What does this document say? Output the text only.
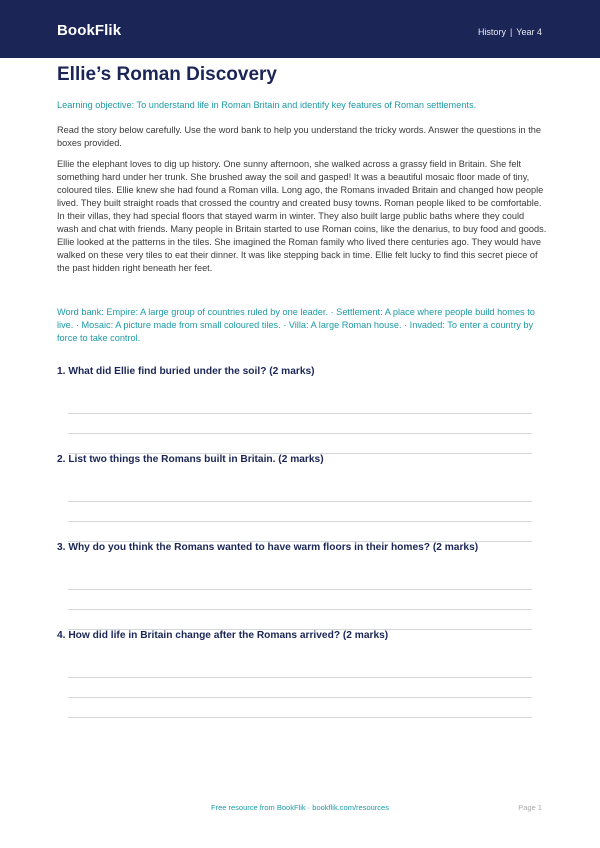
BookFlik	History | Year 4
Ellie’s Roman Discovery

Learning objective: To understand life in Roman Britain and identify key features of Roman settlements.

Read the story below carefully. Use the word bank to help you understand the tricky words. Answer the questions in the boxes provided.

Ellie the elephant loves to dig up history. One sunny afternoon, she walked across a grassy field in Britain. She felt something hard under her trunk. She brushed away the soil and gasped! It was a beautiful mosaic floor made of tiny, coloured tiles. Ellie knew she had found a Roman villa. Long ago, the Romans invaded Britain and changed how people lived. They built straight roads that crossed the country and created busy towns. Roman people liked to be comfortable. In their villas, they had special floors that stayed warm in winter. They also built large public baths where they could wash and chat with friends. Many people in Britain started to use Roman coins, like the denarius, to buy food and goods. Ellie looked at the patterns in the tiles. She imagined the Roman family who lived there centuries ago. They would have walked on these very tiles to eat their dinner. It was like stepping back in time. Ellie felt lucky to find this secret piece of the past hidden right beneath her feet.

Word bank: Empire: A large group of countries ruled by one leader. · Settlement: A place where people build homes to live. · Mosaic: A picture made from small coloured tiles. · Villa: A large Roman house. · Invaded: To enter a country by force to take control.

1. What did Ellie find buried under the soil? (2 marks)
2. List two things the Romans built in Britain. (2 marks)
3. Why do you think the Romans wanted to have warm floors in their homes? (2 marks)
4. How did life in Britain change after the Romans arrived? (2 marks)
Free resource from BookFlik · bookflik.com/resources	Page 1
